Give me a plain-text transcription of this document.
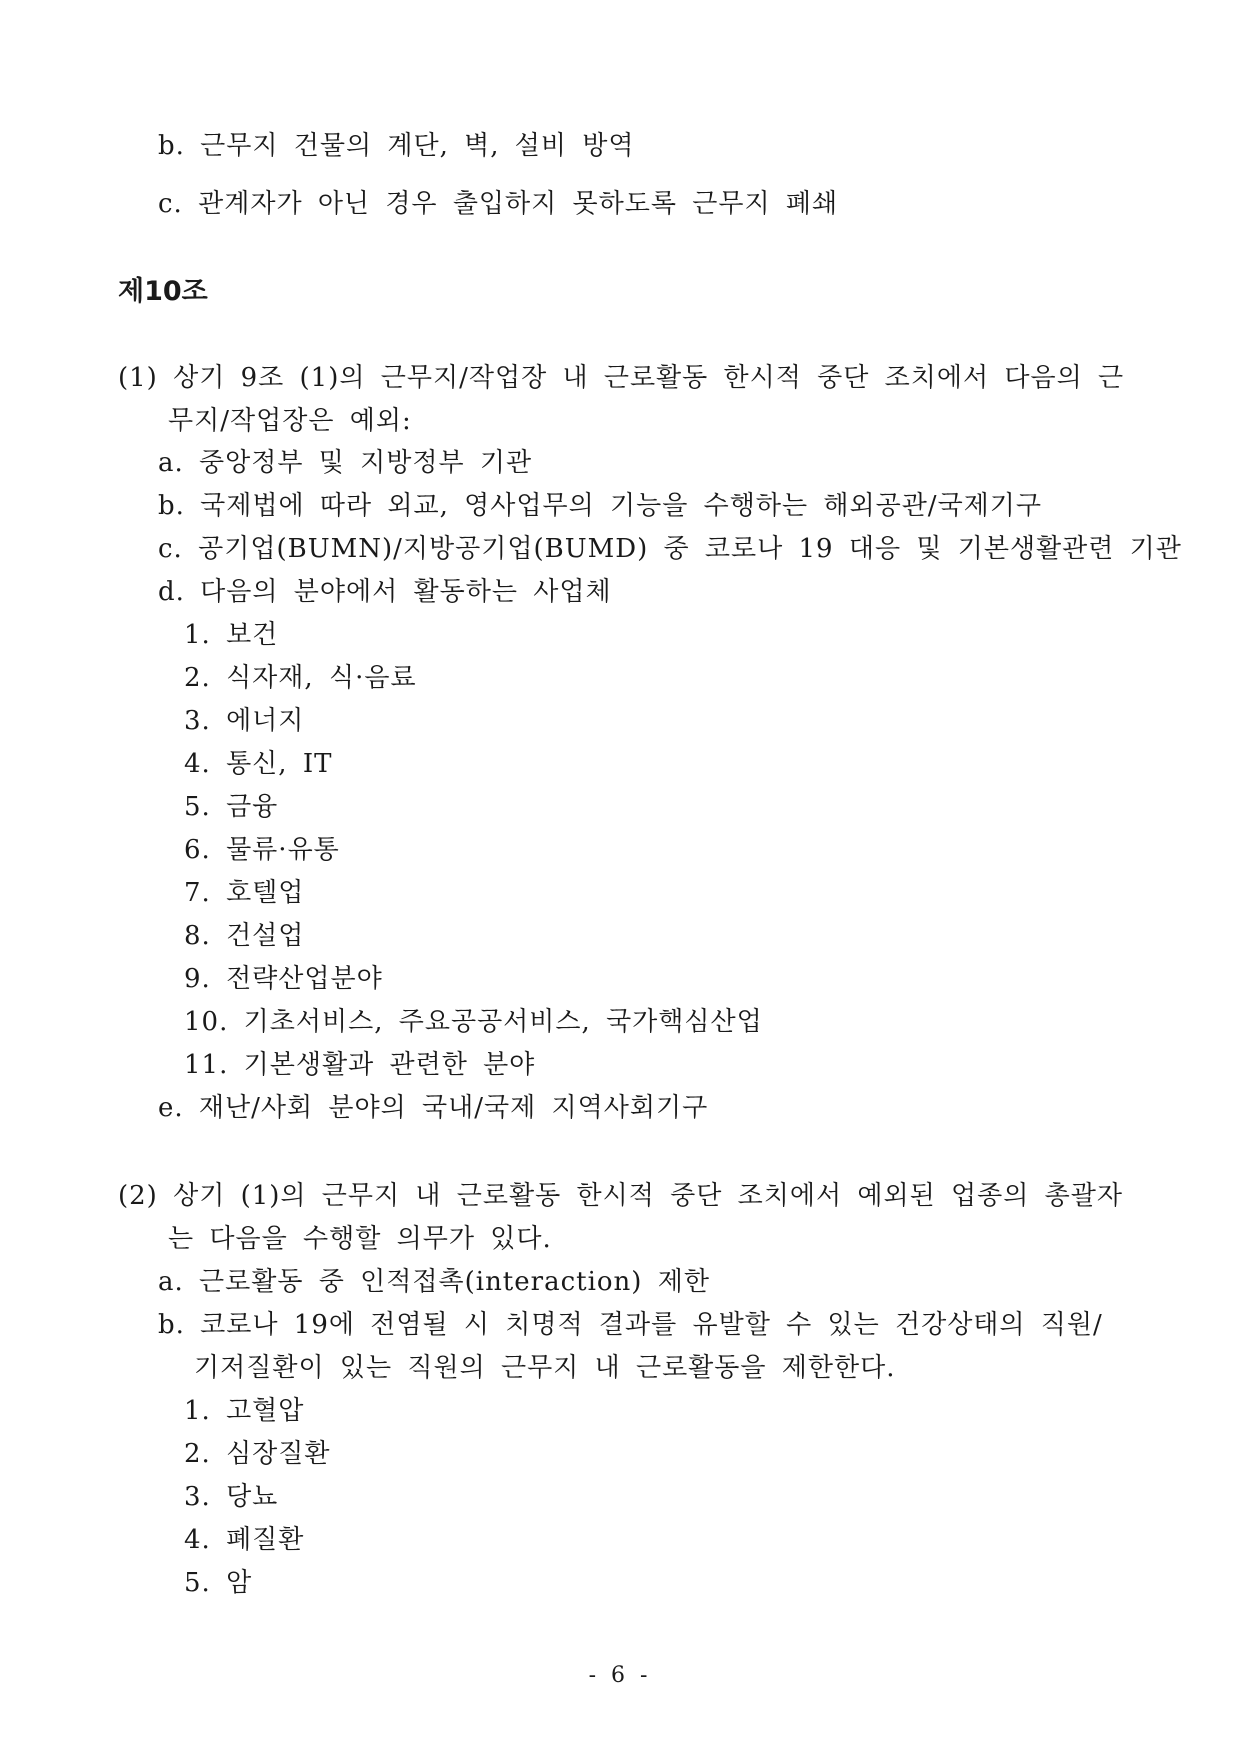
b. 근무지 건물의 계단, 벽, 설비 방역
c. 관계자가 아닌 경우 출입하지 못하도록 근무지 폐쇄
제10조
(1) 상기 9조 (1)의 근무지/작업장 내 근로활동 한시적 중단 조치에서 다음의 근
무지/작업장은 예외:
a. 중앙정부 및 지방정부 기관
b. 국제법에 따라 외교, 영사업무의 기능을 수행하는 해외공관/국제기구
c. 공기업(BUMN)/지방공기업(BUMD) 중 코로나 19 대응 및 기본생활관련 기관
d. 다음의 분야에서 활동하는 사업체
1. 보건
2. 식자재, 식·음료
3. 에너지
4. 통신, IT
5. 금융
6. 물류·유통
7. 호텔업
8. 건설업
9. 전략산업분야
10. 기초서비스, 주요공공서비스, 국가핵심산업
11. 기본생활과 관련한 분야
e. 재난/사회 분야의 국내/국제 지역사회기구
(2) 상기 (1)의 근무지 내 근로활동 한시적 중단 조치에서 예외된 업종의 총괄자
는 다음을 수행할 의무가 있다.
a. 근로활동 중 인적접촉(interaction) 제한
b. 코로나 19에 전염될 시 치명적 결과를 유발할 수 있는 건강상태의 직원/
기저질환이 있는 직원의 근무지 내 근로활동을 제한한다.
1. 고혈압
2. 심장질환
3. 당뇨
4. 폐질환
5. 암
- 6 -
